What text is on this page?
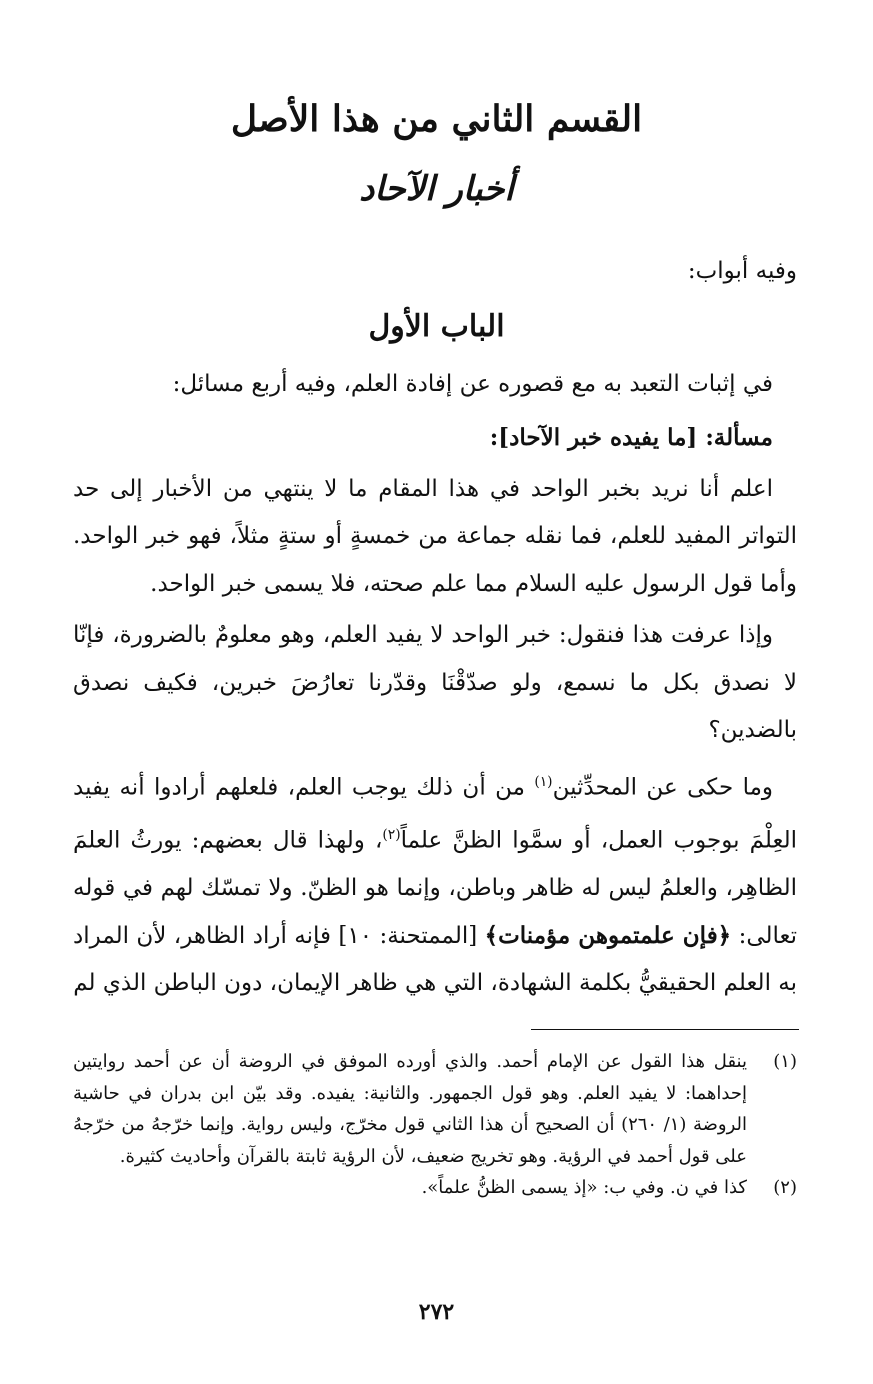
القسم الثاني من هذا الأصل
أخبار الآحاد
وفيه أبواب:
الباب الأول
في إثبات التعبد به مع قصوره عن إفادة العلم، وفيه أربع مسائل:
مسألة: [ما يفيده خبر الآحاد]:

اعلم أنا نريد بخبر الواحد في هذا المقام ما لا ينتهي من الأخبار إلى حد التواتر المفيد للعلم، فما نقله جماعة من خمسةٍ أو ستةٍ مثلاً، فهو خبر الواحد. وأما قول الرسول عليه السلام مما علم صحته، فلا يسمى خبر الواحد.

وإذا عرفت هذا فنقول: خبر الواحد لا يفيد العلم، وهو معلومٌ بالضرورة، فإنّا لا نصدق بكل ما نسمع، ولو صدّقْنَا وقدّرنا تعارُضَ خبرين، فكيف نصدق بالضدين؟

وما حكى عن المحدِّثين$^{(١)}$ من أن ذلك يوجب العلم، فلعلهم أرادوا أنه يفيد العِلْمَ بوجوب العمل، أو سمَّوا الظنَّ علماً$^{(٢)}$، ولهذا قال بعضهم: يورثُ العلمَ الظاهِر، والعلمُ ليس له ظاهر وباطن، وإنما هو الظنّ. ولا تمسّك لهم في قوله تعالى: ﴿فإن علمتموهن مؤمنات﴾ [الممتحنة: ١٠] فإنه أراد الظاهر، لأن المراد به العلم الحقيقيُّ بكلمة الشهادة، التي هي ظاهر الإيمان، دون الباطن الذي لم

(١)
ينقل هذا القول عن الإمام أحمد. والذي أورده الموفق في الروضة أن عن أحمد روايتين إحداهما: لا يفيد العلم. وهو قول الجمهور. والثانية: يفيده. وقد بيّن ابن بدران في حاشية الروضة (١/ ٢٦٠) أن الصحيح أن هذا الثاني قول مخرّج، وليس رواية. وإنما خرّجهُ من خرّجهُ على قول أحمد في الرؤية. وهو تخريج ضعيف، لأن الرؤية ثابتة بالقرآن وأحاديث كثيرة.
(٢)
كذا في ن. وفي ب: «إذ يسمى الظنُّ علماً».
٢٧٢
